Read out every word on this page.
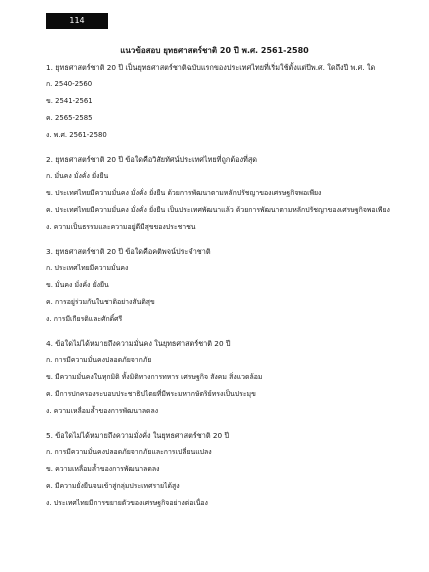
114
แนวข้อสอบ ยุทธศาสตร์ชาติ 20 ปี พ.ศ. 2561-2580
1. ยุทธศาสตร์ชาติ 20 ปี เป็นยุทธศาสตร์ชาติฉบับแรกของประเทศไทยที่เริ่มใช้ตั้งแต่ปีพ.ศ. ใดถึงปี พ.ศ. ใด
ก. 2540-2560
ข. 2541-2561
ค. 2565-2585
ง. พ.ศ. 2561-2580
2. ยุทธศาสตร์ชาติ 20 ปี ข้อใดคือวิสัยทัศน์ประเทศไทยที่ถูกต้องที่สุด
ก. มั่นคง มั่งคั่ง ยั่งยืน
ข. ประเทศไทยมีความมั่นคง มั่งคั่ง ยั่งยืน ด้วยการพัฒนาตามหลักปรัชญาของเศรษฐกิจพอเพียง
ค. ประเทศไทยมีความมั่นคง มั่งคั่ง ยั่งยืน เป็นประเทศพัฒนาแล้ว ด้วยการพัฒนาตามหลักปรัชญาของเศรษฐกิจพอเพียง
ง. ความเป็นธรรมและความอยู่ดีมีสุขของประชาชน
3. ยุทธศาสตร์ชาติ 20 ปี ข้อใดคือคติพจน์ประจำชาติ
ก. ประเทศไทยมีความมั่นคง
ข. มั่นคง มั่งคั่ง ยั่งยืน
ค. การอยู่ร่วมกันในชาติอย่างสันติสุข
ง. การมีเกียรติและศักดิ์ศรี
4. ข้อใดไม่ได้หมายถึงความมั่นคง ในยุทธศาสตร์ชาติ 20 ปี
ก. การมีความมั่นคงปลอดภัยจากภัย
ข. มีความมั่นคงในทุกมิติ ทั้งมิติทางการทหาร เศรษฐกิจ สังคม สิ่งแวดล้อม
ค. มีการปกครองระบอบประชาธิปไตยที่มีพระมหากษัตริย์ทรงเป็นประมุข
ง. ความเหลื่อมล้ำของการพัฒนาลดลง
5. ข้อใดไม่ได้หมายถึงความมั่งคั่ง ในยุทธศาสตร์ชาติ 20 ปี
ก. การมีความมั่นคงปลอดภัยจากภัยและการเปลี่ยนแปลง
ข. ความเหลื่อมล้ำของการพัฒนาลดลง
ค. มีความยั่งยืนจนเข้าสู่กลุ่มประเทศรายได้สูง
ง. ประเทศไทยมีการขยายตัวของเศรษฐกิจอย่างต่อเนื่อง
